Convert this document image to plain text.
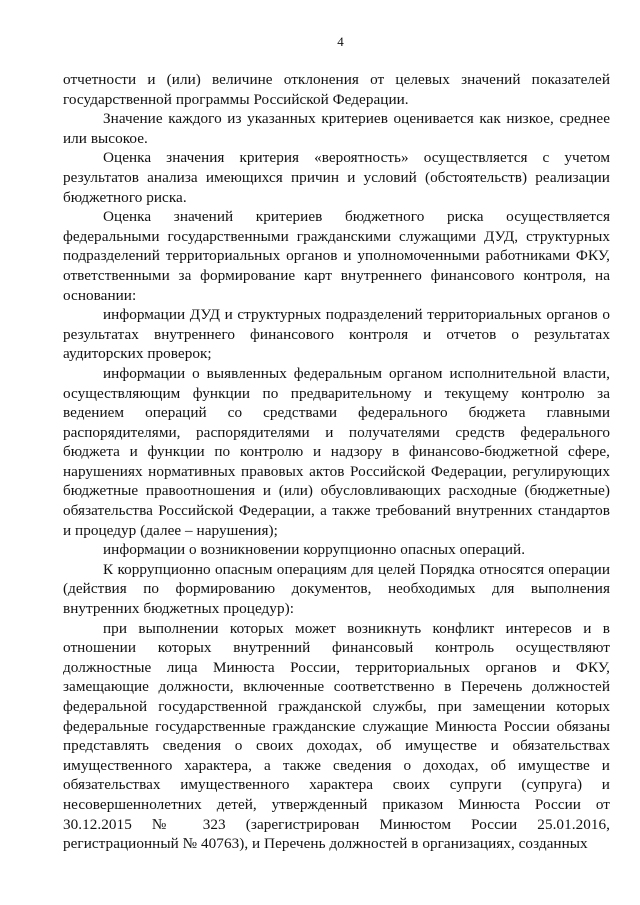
4

отчетности и (или) величине отклонения от целевых значений показателей государственной программы Российской Федерации.

Значение каждого из указанных критериев оценивается как низкое, среднее или высокое.

Оценка значения критерия «вероятность» осуществляется с учетом результатов анализа имеющихся причин и условий (обстоятельств) реализации бюджетного риска.

Оценка значений критериев бюджетного риска осуществляется федеральными государственными гражданскими служащими ДУД, структурных подразделений территориальных органов и уполномоченными работниками ФКУ, ответственными за формирование карт внутреннего финансового контроля, на основании:

информации ДУД и структурных подразделений территориальных органов о результатах внутреннего финансового контроля и отчетов о результатах аудиторских проверок;

информации о выявленных федеральным органом исполнительной власти, осуществляющим функции по предварительному и текущему контролю за ведением операций со средствами федерального бюджета главными распорядителями, распорядителями и получателями средств федерального бюджета и функции по контролю и надзору в финансово-бюджетной сфере, нарушениях нормативных правовых актов Российской Федерации, регулирующих бюджетные правоотношения и (или) обусловливающих расходные (бюджетные) обязательства Российской Федерации, а также требований внутренних стандартов и процедур (далее – нарушения);

информации о возникновении коррупционно опасных операций.

К коррупционно опасным операциям для целей Порядка относятся операции (действия по формированию документов, необходимых для выполнения внутренних бюджетных процедур):

при выполнении которых может возникнуть конфликт интересов и в отношении которых внутренний финансовый контроль осуществляют должностные лица Минюста России, территориальных органов и ФКУ, замещающие должности, включенные соответственно в Перечень должностей федеральной государственной гражданской службы, при замещении которых федеральные государственные гражданские служащие Минюста России обязаны представлять сведения о своих доходах, об имуществе и обязательствах имущественного характера, а также сведения о доходах, об имуществе и обязательствах имущественного характера своих супруги (супруга) и несовершеннолетних детей, утвержденный приказом Минюста России от 30.12.2015 № 323 (зарегистрирован Минюстом России 25.01.2016, регистрационный № 40763), и Перечень должностей в организациях, созданных
